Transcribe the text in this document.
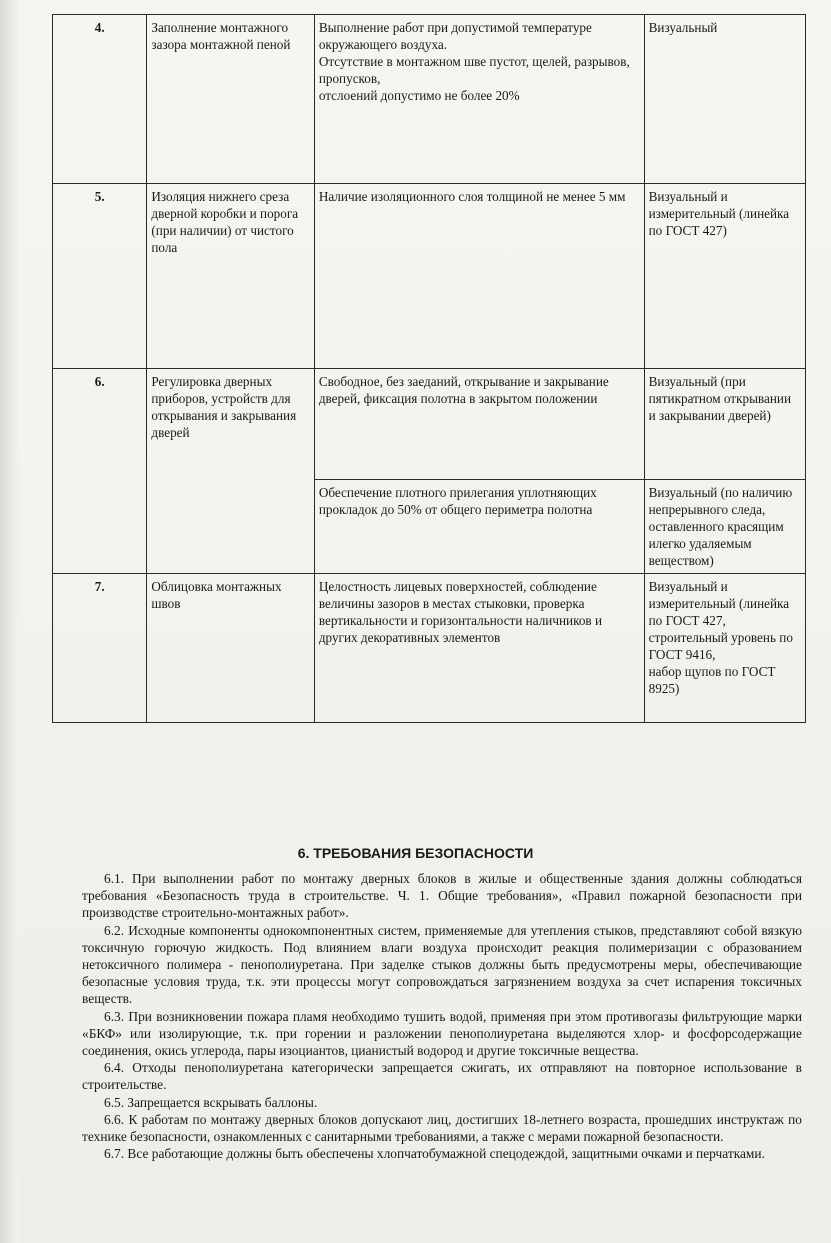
4.	Заполнение монтажного зазора монтажной пеной	Выполнение работ при допустимой температуре окружающего воздуха.
Отсутствие в монтажном шве пустот, щелей, разрывов, пропусков,
отслоений допустимо не более 20%	Визуальный
5.	Изоляция нижнего среза
дверной коробки и порога (при наличии) от чистого пола	Наличие изоляционного слоя толщиной не менее 5 мм	Визуальный и измерительный (линейка по ГОСТ 427)
6.	Регулировка дверных приборов, устройств для открывания и закрывания дверей	Свободное, без заеданий, открывание и закрывание дверей, фиксация полотна в закрытом положении	Визуальный (при пятикратном открывании и закрывании дверей)

		Обеспечение плотного прилегания уплотняющих прокладок до 50% от общего периметра полотна	Визуальный (по наличию непрерывного следа, оставленного красящим илегко удаляемым веществом)
7.	Облицовка монтажных швов	Целостность лицевых поверхностей, соблюдение величины зазоров в местах стыковки, проверка вертикальности и горизонтальности наличников и других декоративных элементов	Визуальный и измерительный (линейка по ГОСТ 427,
строительный уровень по ГОСТ 9416,
набор щупов по ГОСТ 8925)
6. ТРЕБОВАНИЯ БЕЗОПАСНОСТИ

6.1. При выполнении работ по монтажу дверных блоков в жилые и общественные здания должны соблюдаться требования «Безопасность труда в строительстве. Ч. 1. Общие требования», «Правил пожарной безопасности при производстве строительно-монтажных работ».

6.2. Исходные компоненты однокомпонентных систем, применяемые для утепления стыков, представляют собой вязкую токсичную горючую жидкость. Под влиянием влаги воздуха происходит реакция полимеризации с образованием нетоксичного полимера - пенополиуретана. При заделке стыков должны быть предусмотрены меры, обеспечивающие безопасные условия труда, т.к. эти процессы могут сопровождаться загрязнением воздуха за счет испарения токсичных веществ.

6.3. При возникновении пожара пламя необходимо тушить водой, применяя при этом противогазы фильтрующие марки «БКФ» или изолирующие, т.к. при горении и разложении пенополиуретана выделяются хлор- и фосфорсодержащие соединения, окись углерода, пары изоциантов, цианистый водород и другие токсичные вещества.

6.4. Отходы пенополиуретана категорически запрещается сжигать, их отправляют на повторное использование в строительстве.

6.5. Запрещается вскрывать баллоны.

6.6. К работам по монтажу дверных блоков допускают лиц, достигших 18-летнего возраста, прошедших инструктаж по технике безопасности, ознакомленных с санитарными требованиями, а также с мерами пожарной безопасности.

6.7. Все работающие должны быть обеспечены хлопчатобумажной спецодеждой, защитными очками и перчатками.
